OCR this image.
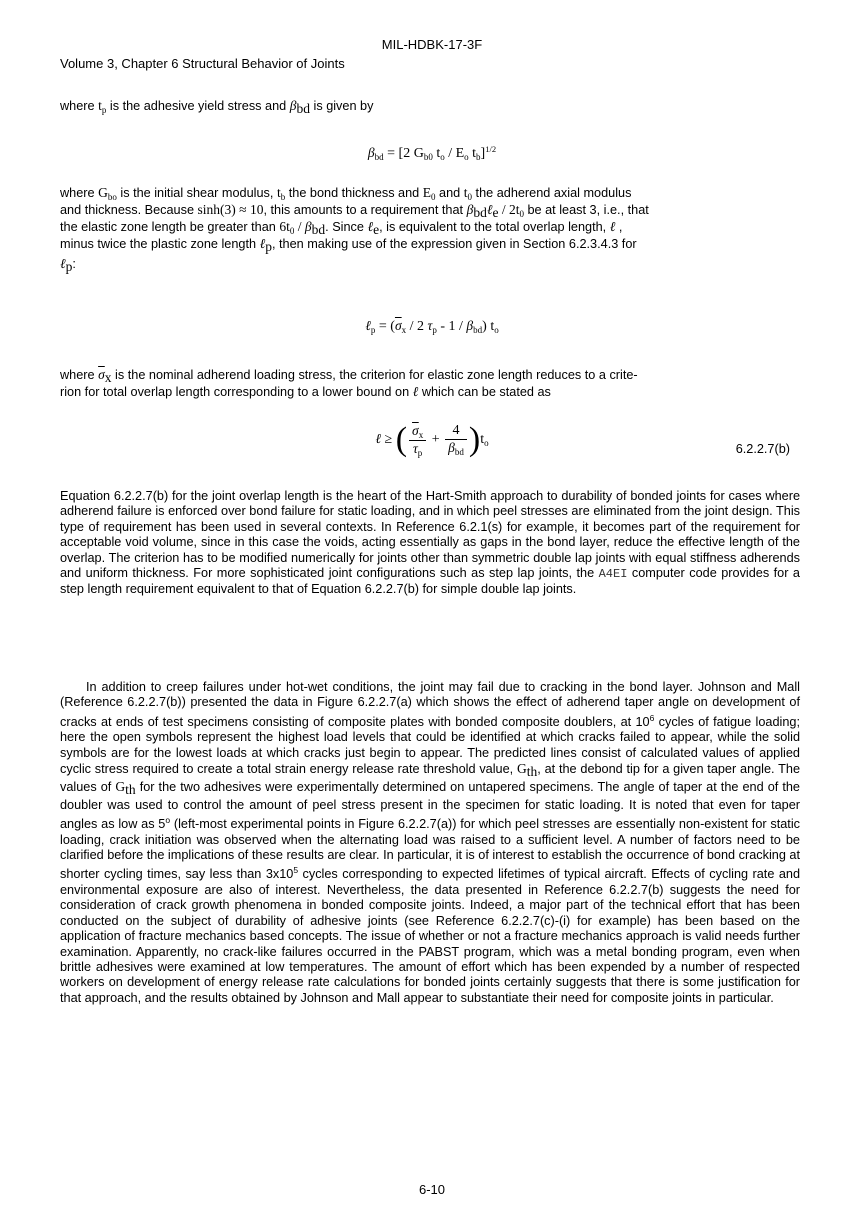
MIL-HDBK-17-3F
Volume 3, Chapter 6 Structural Behavior of Joints
where $t_p$ is the adhesive yield stress and $\beta_{bd}$ is given by
$\beta_{bd} = [2$ $G_{b0}$ $t_o / E_o$ $t_b]^{1/2}$
where $G_{bo}$ is the initial shear modulus, $t_b$ the bond thickness and $E_0$ and $t_0$ the adherend axial modulus
and thickness. Because sinh(3) ≈ 10, this amounts to a requirement that $\beta_{bd}\ell_e / 2t_0$ be at least 3, i.e., that
the elastic zone length be greater than $6t_0 / \beta_{bd}$. Since ℓ$_e$, is equivalent to the total overlap length, ℓ ,
minus twice the plastic zone length ℓ$_p$, then making use of the expression given in Section 6.2.3.4.3 for
ℓ$_p$:
ℓ$_p$ = ($\overline{\sigma}_x / 2$ $\tau_p - 1 / \beta_{bd}$) $t_o$
where $\overline{\sigma}_x$ is the nominal adherend loading stress, the criterion for elastic zone length reduces to a crite-
rion for total overlap length corresponding to a lower bound on ℓ which can be stated as
ℓ ≥ ( $\frac{\overline{\sigma}_x}{\tau_p} + \frac{4}{\beta_{bd}} )t_o$	6.2.2.7(b)
Equation 6.2.2.7(b) for the joint overlap length is the heart of the Hart-Smith approach to durability of bonded joints for cases where adherend failure is enforced over bond failure for static loading, and in which peel stresses are eliminated from the joint design. This type of requirement has been used in several contexts. In Reference 6.2.1(s) for example, it becomes part of the requirement for acceptable void volume, since in this case the voids, acting essentially as gaps in the bond layer, reduce the effective length of the overlap. The criterion has to be modified numerically for joints other than symmetric double lap joints with equal stiffness adherends and uniform thickness. For more sophisticated joint configurations such as step lap joints, the A4EI computer code provides for a step length requirement equivalent to that of Equation 6.2.2.7(b) for simple double lap joints.
In addition to creep failures under hot-wet conditions, the joint may fail due to cracking in the bond layer. Johnson and Mall (Reference 6.2.2.7(b)) presented the data in Figure 6.2.2.7(a) which shows the effect of adherend taper angle on development of cracks at ends of test specimens consisting of composite plates with bonded composite doublers, at $10^6$ cycles of fatigue loading; here the open symbols represent the highest load levels that could be identified at which cracks failed to appear, while the solid symbols are for the lowest loads at which cracks just begin to appear. The predicted lines consist of calculated values of applied cyclic stress required to create a total strain energy release rate threshold value, $G_{th}$, at the debond tip for a given taper angle. The values of $G_{th}$ for the two adhesives were experimentally determined on untapered specimens. The angle of taper at the end of the doubler was used to control the amount of peel stress present in the specimen for static loading. It is noted that even for taper angles as low as 5$^o$ (left-most experimental points in Figure 6.2.2.7(a)) for which peel stresses are essentially non-existent for static loading, crack initiation was observed when the alternating load was raised to a sufficient level. A number of factors need to be clarified before the implications of these results are clear. In particular, it is of interest to establish the occurrence of bond cracking at shorter cycling times, say less than $3x10^5$ cycles corresponding to expected lifetimes of typical aircraft. Effects of cycling rate and environmental exposure are also of interest. Nevertheless, the data presented in Reference 6.2.2.7(b) suggests the need for consideration of crack growth phenomena in bonded composite joints. Indeed, a major part of the technical effort that has been conducted on the subject of durability of adhesive joints (see Reference 6.2.2.7(c)-(i) for example) has been based on the application of fracture mechanics based concepts. The issue of whether or not a fracture mechanics approach is valid needs further examination. Apparently, no crack-like failures occurred in the PABST program, which was a metal bonding program, even when brittle adhesives were examined at low temperatures. The amount of effort which has been expended by a number of respected workers on development of energy release rate calculations for bonded joints certainly suggests that there is some justification for that approach, and the results obtained by Johnson and Mall appear to substantiate their need for composite joints in particular.
6-10
